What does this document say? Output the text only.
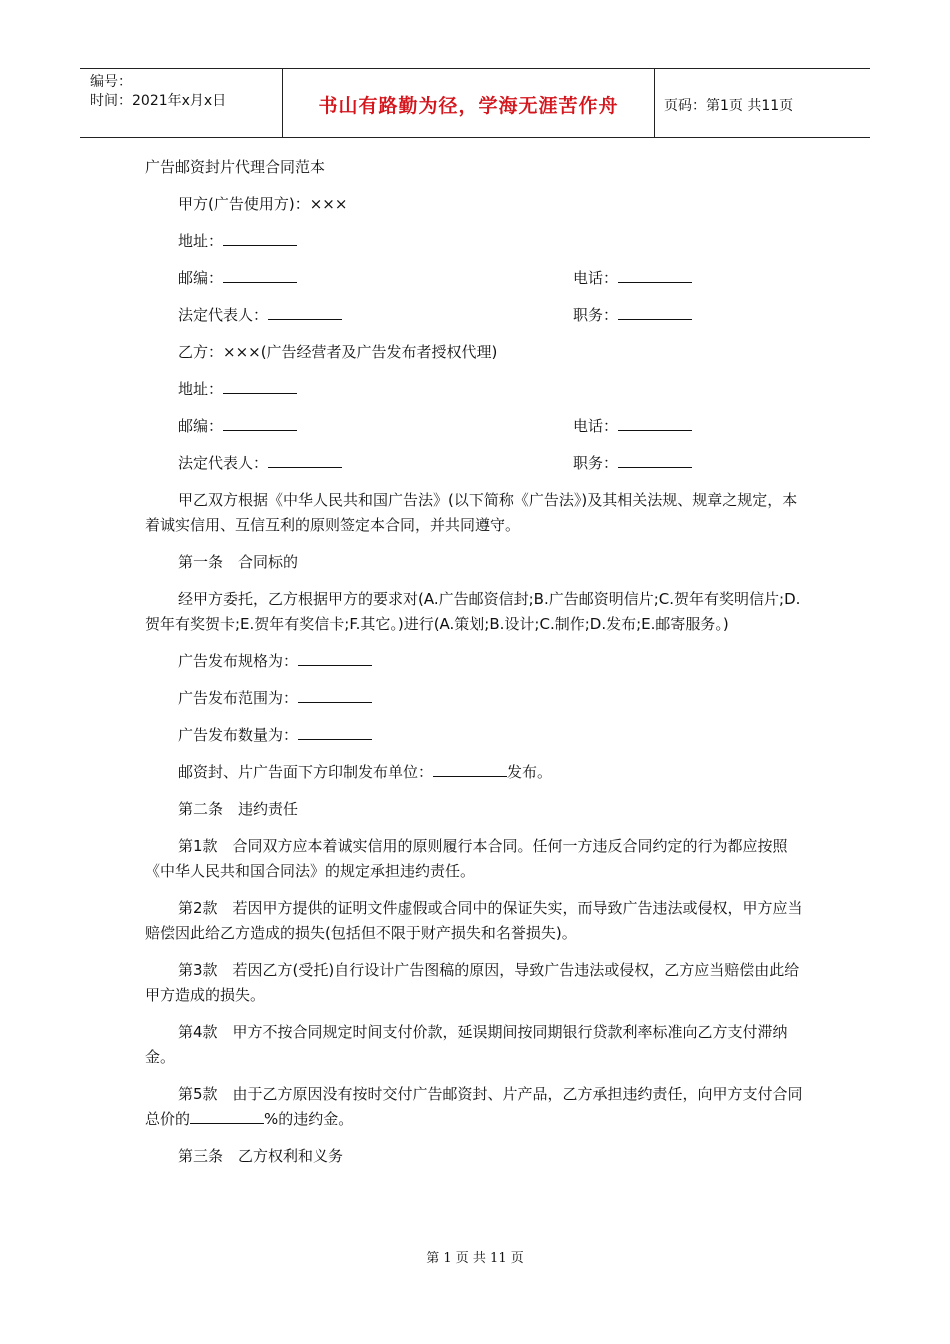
编号：
时间：2021年x月x日	书山有路勤为径，学海无涯苦作舟	页码：第1页 共11页

广告邮资封片代理合同范本

甲方(广告使用方)：×××

地址：

邮编：	电话：
法定代表人：	职务：

乙方：×××(广告经营者及广告发布者授权代理)

地址：

邮编：	电话：
法定代表人：	职务：

甲乙双方根据《中华人民共和国广告法》(以下简称《广告法》)及其相关法规、规章之规定，本着诚实信用、互信互利的原则签定本合同，并共同遵守。

第一条　合同标的

经甲方委托，乙方根据甲方的要求对(A.广告邮资信封;B.广告邮资明信片;C.贺年有奖明信片;D.贺年有奖贺卡;E.贺年有奖信卡;F.其它。)进行(A.策划;B.设计;C.制作;D.发布;E.邮寄服务。)

广告发布规格为：

广告发布范围为：

广告发布数量为：

邮资封、片广告面下方印制发布单位：	发布。

第二条　违约责任

第1款　合同双方应本着诚实信用的原则履行本合同。任何一方违反合同约定的行为都应按照《中华人民共和国合同法》的规定承担违约责任。

第2款　若因甲方提供的证明文件虚假或合同中的保证失实，而导致广告违法或侵权，甲方应当赔偿因此给乙方造成的损失(包括但不限于财产损失和名誉损失)。

第3款　若因乙方(受托)自行设计广告图稿的原因，导致广告违法或侵权，乙方应当赔偿由此给甲方造成的损失。

第4款　甲方不按合同规定时间支付价款，延误期间按同期银行贷款利率标准向乙方支付滞纳金。

第5款　由于乙方原因没有按时交付广告邮资封、片产品，乙方承担违约责任，向甲方支付合同总价的	%的违约金。

第三条　乙方权利和义务

第 1 页 共 11 页
